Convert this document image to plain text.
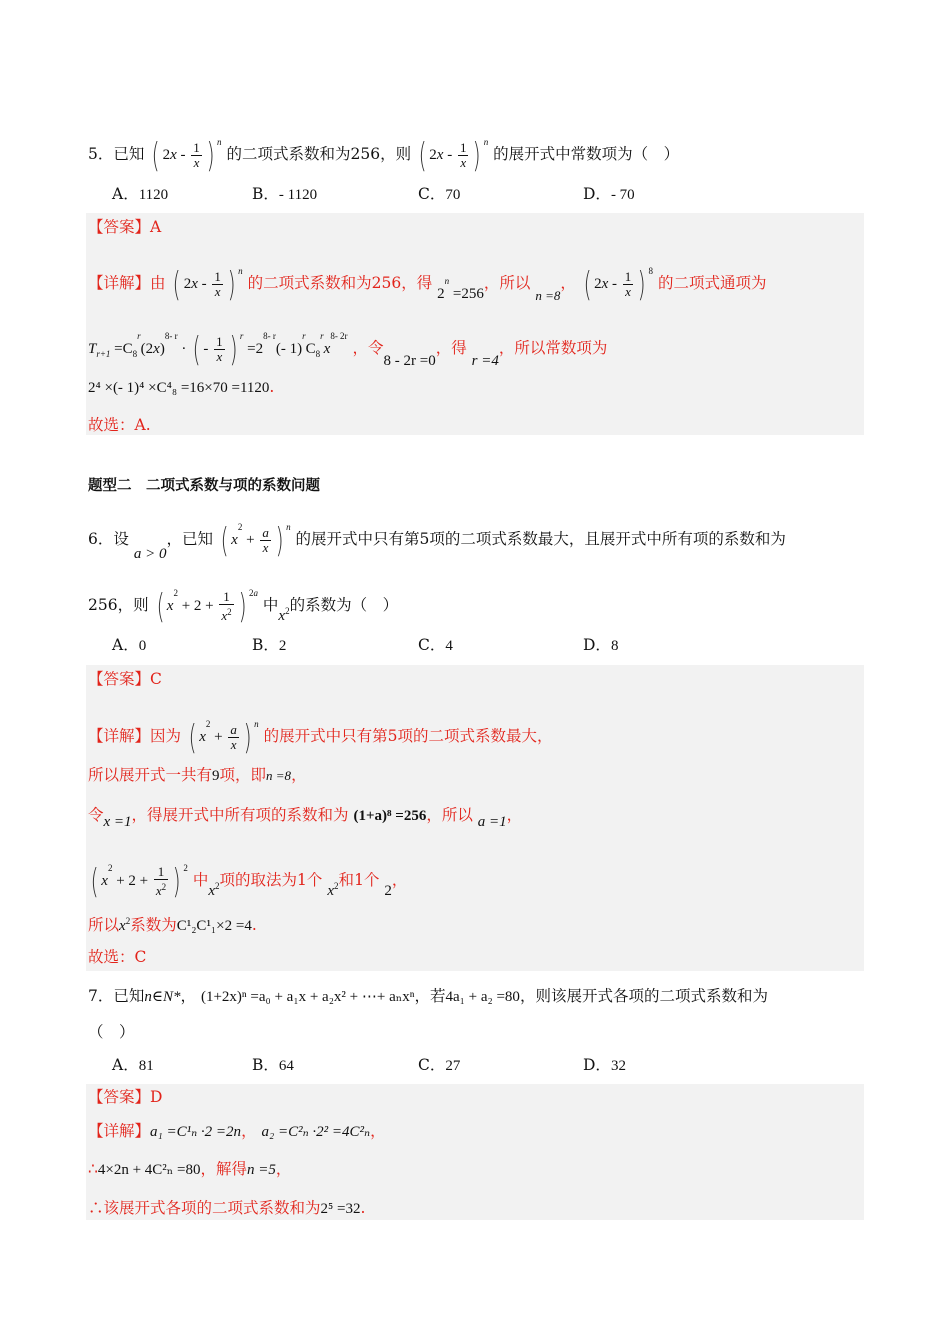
5．已知 ( $2x - \frac{1}{x}$ ) $^n$ 的二项式系数和为256，则 ( $2x - \frac{1}{x}$ ) $^n$ 的展开式中常数项为（　）
A．1120	B．- 1120	C．70	D．- 70
【答案】A
【详解】由 ( $2x - \frac{1}{x}$ ) $^n$ 的二项式系数和为256，得 $2^n =256$，所以 $_{n =8}$， ( $2x - \frac{1}{x}$ ) $^8$ 的二项式通项为
$T_{r+1} =C_8^r(2x)^{8- r}$ · ( - $\frac{1}{x}$ ) $^r =2^{8- r}(-$ $1)^rC_8^rx^{8- 2r}$ ，令8 - 2r =0，得 r =4，所以常数项为
2⁴ ×(- 1)⁴ ×C⁴₈ =16×70 =1120.
故选：A.
题型二　二项式系数与项的系数问题
6．设 a > 0，已知 ( $x^2 + \frac{a}{x}$ ) $^n$ 的展开式中只有第5项的二项式系数最大，且展开式中所有项的系数和为
256，则 ( $x^2 + 2 + \frac{1}{x^2}$ ) $^{2a}$ 中$x^2$的系数为（　）
A．0	B．2	C．4	D．8
【答案】C
【详解】因为 ( $x^2 + \frac{a}{x}$ ) $^n$ 的展开式中只有第5项的二项式系数最大，
所以展开式一共有9项，即n =8，
令x =1，得展开式中所有项的系数和为 (1+a)⁸ =256，所以 a =1，
( $x^2 + 2 + \frac{1}{x^2}$ ) $^2$ 中$x^2$项的取法为1个 $x^2$和1个 2，
所以$x^2$系数为C¹₂C¹₁×2 =4.
故选：C
7．已知n∈N*， (1+2x)ⁿ =a₀ + a₁x + a₂x² + ⋯+ aₙxⁿ，若4a₁ + a₂ =80，则该展开式各项的二项式系数和为
（　）
A．81	B．64	C．27	D．32
【答案】D
【详解】a₁ =C¹ₙ ·2 =2n， a₂ =C²ₙ ·2² =4C²ₙ，
∴4×2n + 4C²ₙ =80，解得n =5，
∴该展开式各项的二项式系数和为2⁵ =32.
